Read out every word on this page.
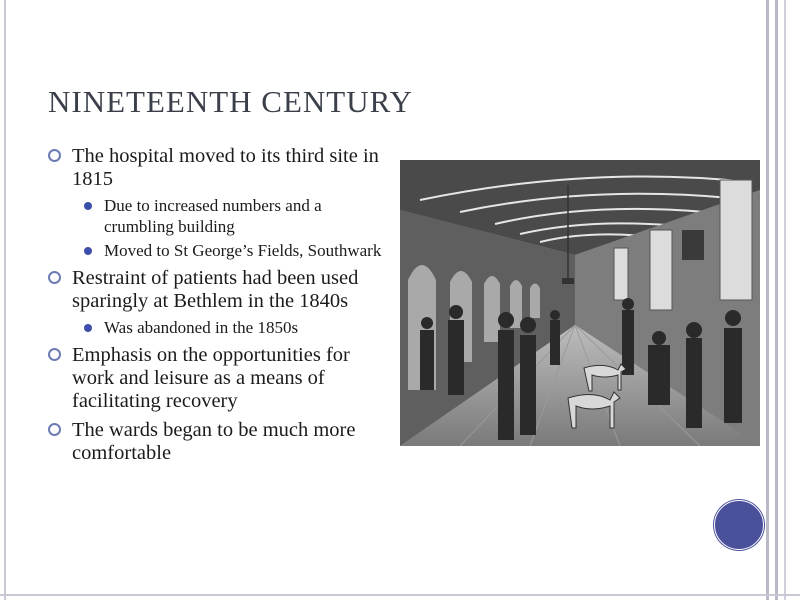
NINETEENTH CENTURY
The hospital moved to its third site in 1815
Due to increased numbers and a crumbling building
Moved to St George’s Fields, Southwark
Restraint of patients had been used sparingly at Bethlem in the 1840s
Was abandoned in the 1850s
Emphasis on the opportunities for work and leisure as a means of facilitating recovery
The wards began to be much more comfortable
